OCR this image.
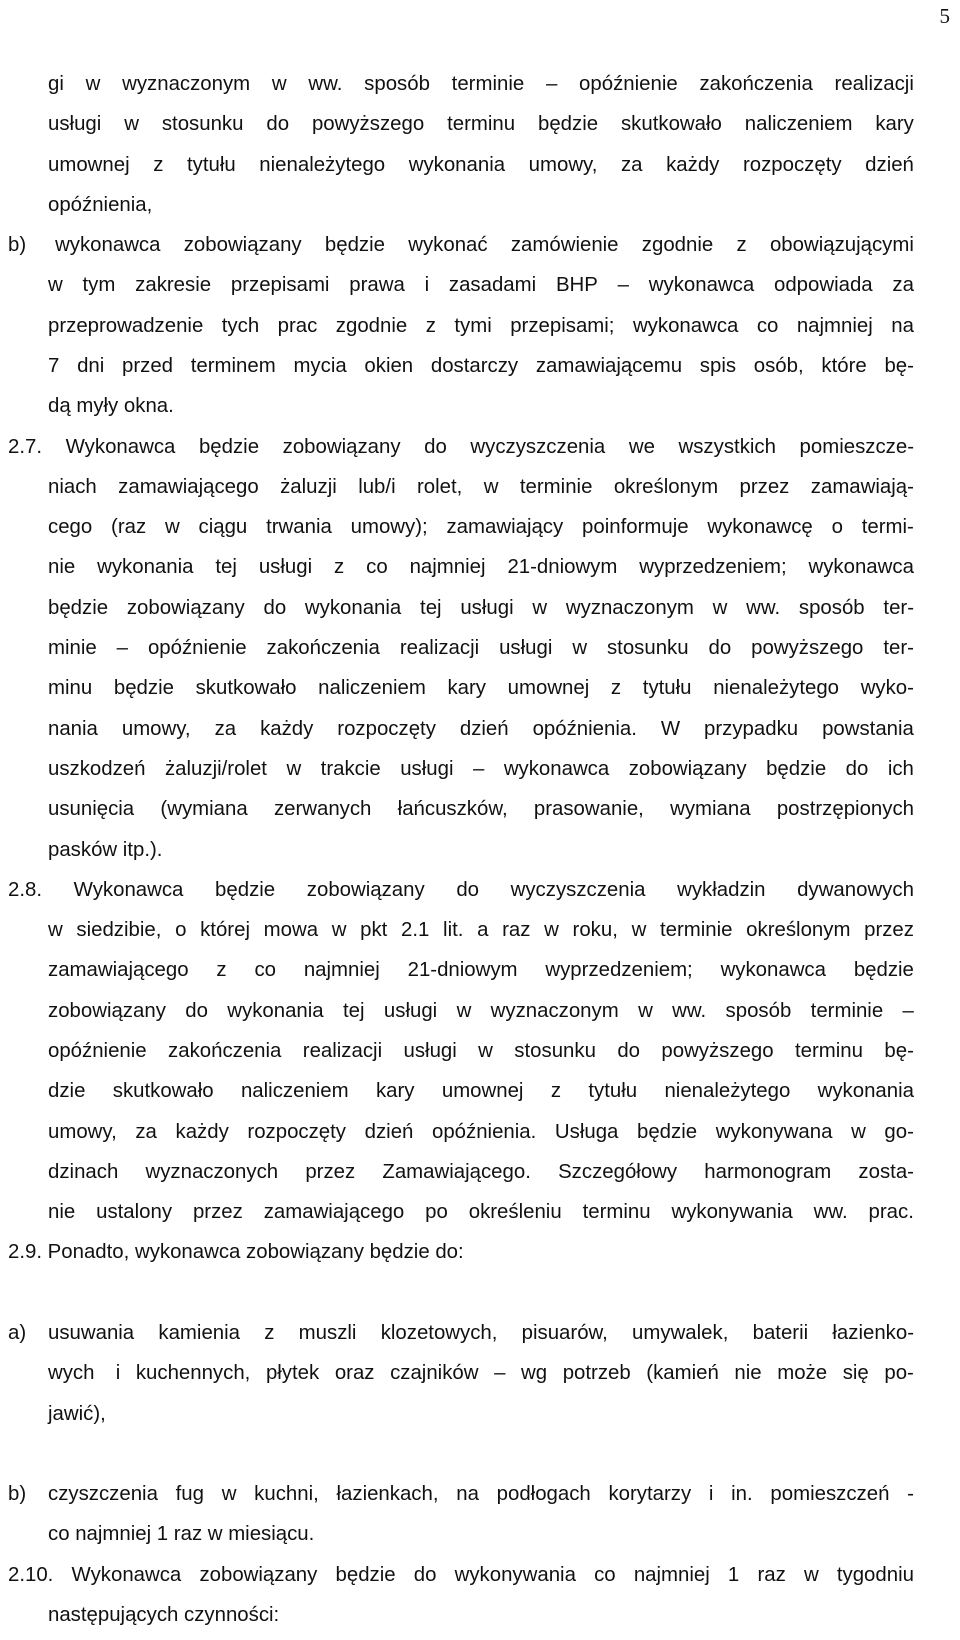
5
gi w wyznaczonym w ww. sposób terminie – opóźnienie zakończenia realizacji
usługi w stosunku do powyższego terminu będzie skutkowało naliczeniem kary
umownej z tytułu nienależytego wykonania umowy, za każdy rozpoczęty dzień
opóźnienia,
b) wykonawca zobowiązany będzie wykonać zamówienie zgodnie z obowiązującymi
w tym zakresie przepisami prawa i zasadami BHP – wykonawca odpowiada za
przeprowadzenie tych prac zgodnie z tymi przepisami; wykonawca co najmniej na
7 dni przed terminem mycia okien dostarczy zamawiającemu spis osób, które bę-
dą myły okna.
2.7. Wykonawca będzie zobowiązany do wyczyszczenia we wszystkich pomieszcze-
niach zamawiającego żaluzji lub/i rolet, w terminie określonym przez zamawiają-
cego (raz w ciągu trwania umowy); zamawiający poinformuje wykonawcę o termi-
nie wykonania tej usługi z co najmniej 21-dniowym wyprzedzeniem; wykonawca
będzie zobowiązany do wykonania tej usługi w wyznaczonym w ww. sposób ter-
minie – opóźnienie zakończenia realizacji usługi w stosunku do powyższego ter-
minu będzie skutkowało naliczeniem kary umownej z tytułu nienależytego wyko-
nania umowy, za każdy rozpoczęty dzień opóźnienia. W przypadku powstania
uszkodzeń żaluzji/rolet w trakcie usługi – wykonawca zobowiązany będzie do ich
usunięcia (wymiana zerwanych łańcuszków, prasowanie, wymiana postrzępionych
pasków itp.).
2.8. Wykonawca będzie zobowiązany do wyczyszczenia wykładzin dywanowych
w siedzibie, o której mowa w pkt 2.1 lit. a raz w roku, w terminie określonym przez
zamawiającego z co najmniej 21-dniowym wyprzedzeniem; wykonawca będzie
zobowiązany do wykonania tej usługi w wyznaczonym w ww. sposób terminie –
opóźnienie zakończenia realizacji usługi w stosunku do powyższego terminu bę-
dzie skutkowało naliczeniem kary umownej z tytułu nienależytego wykonania
umowy, za każdy rozpoczęty dzień opóźnienia. Usługa będzie wykonywana w go-
dzinach wyznaczonych przez Zamawiającego. Szczegółowy harmonogram zosta-
nie ustalony przez zamawiającego po określeniu terminu wykonywania ww. prac.
2.9. Ponadto, wykonawca zobowiązany będzie do:
a) usuwania kamienia z muszli klozetowych, pisuarów, umywalek, baterii łazienko-
wych i kuchennych, płytek oraz czajników – wg potrzeb (kamień nie może się po-
jawić),
b) czyszczenia fug w kuchni, łazienkach, na podłogach korytarzy i in. pomieszczeń -
co najmniej 1 raz w miesiącu.
2.10. Wykonawca zobowiązany będzie do wykonywania co najmniej 1 raz w tygodniu
następujących czynności:
